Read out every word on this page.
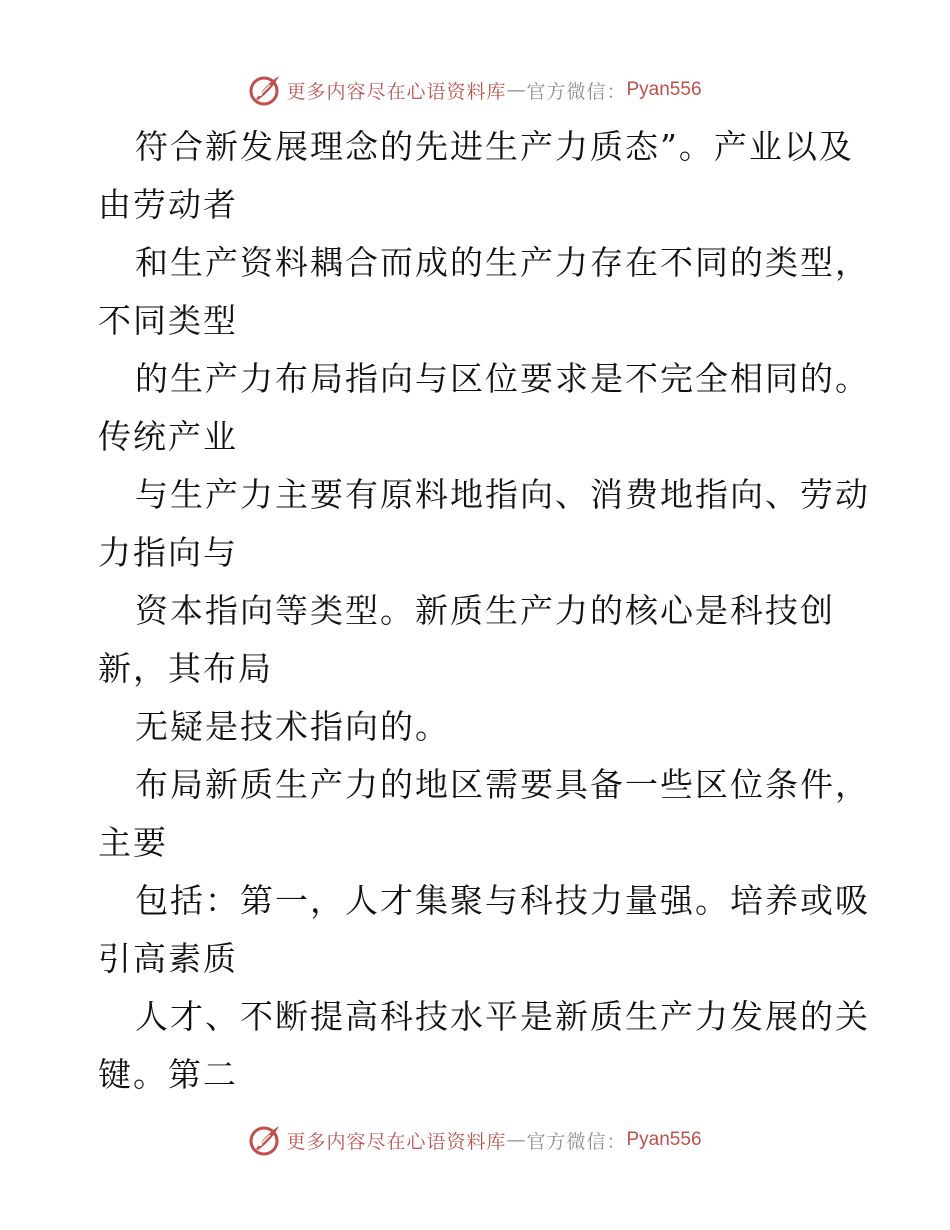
更多内容尽在心语资料库 — 官方微信： Pyan556
符合新发展理念的先进生产力质态”。产业以及
由劳动者
和生产资料耦合而成的生产力存在不同的类型，
不同类型
的生产力布局指向与区位要求是不完全相同的。
传统产业
与生产力主要有原料地指向、消费地指向、劳动
力指向与
资本指向等类型。新质生产力的核心是科技创
新，其布局
无疑是技术指向的。
布局新质生产力的地区需要具备一些区位条件，
主要
包括：第一，人才集聚与科技力量强。培养或吸
引高素质
人才、不断提高科技水平是新质生产力发展的关
键。第二
更多内容尽在心语资料库 — 官方微信： Pyan556
